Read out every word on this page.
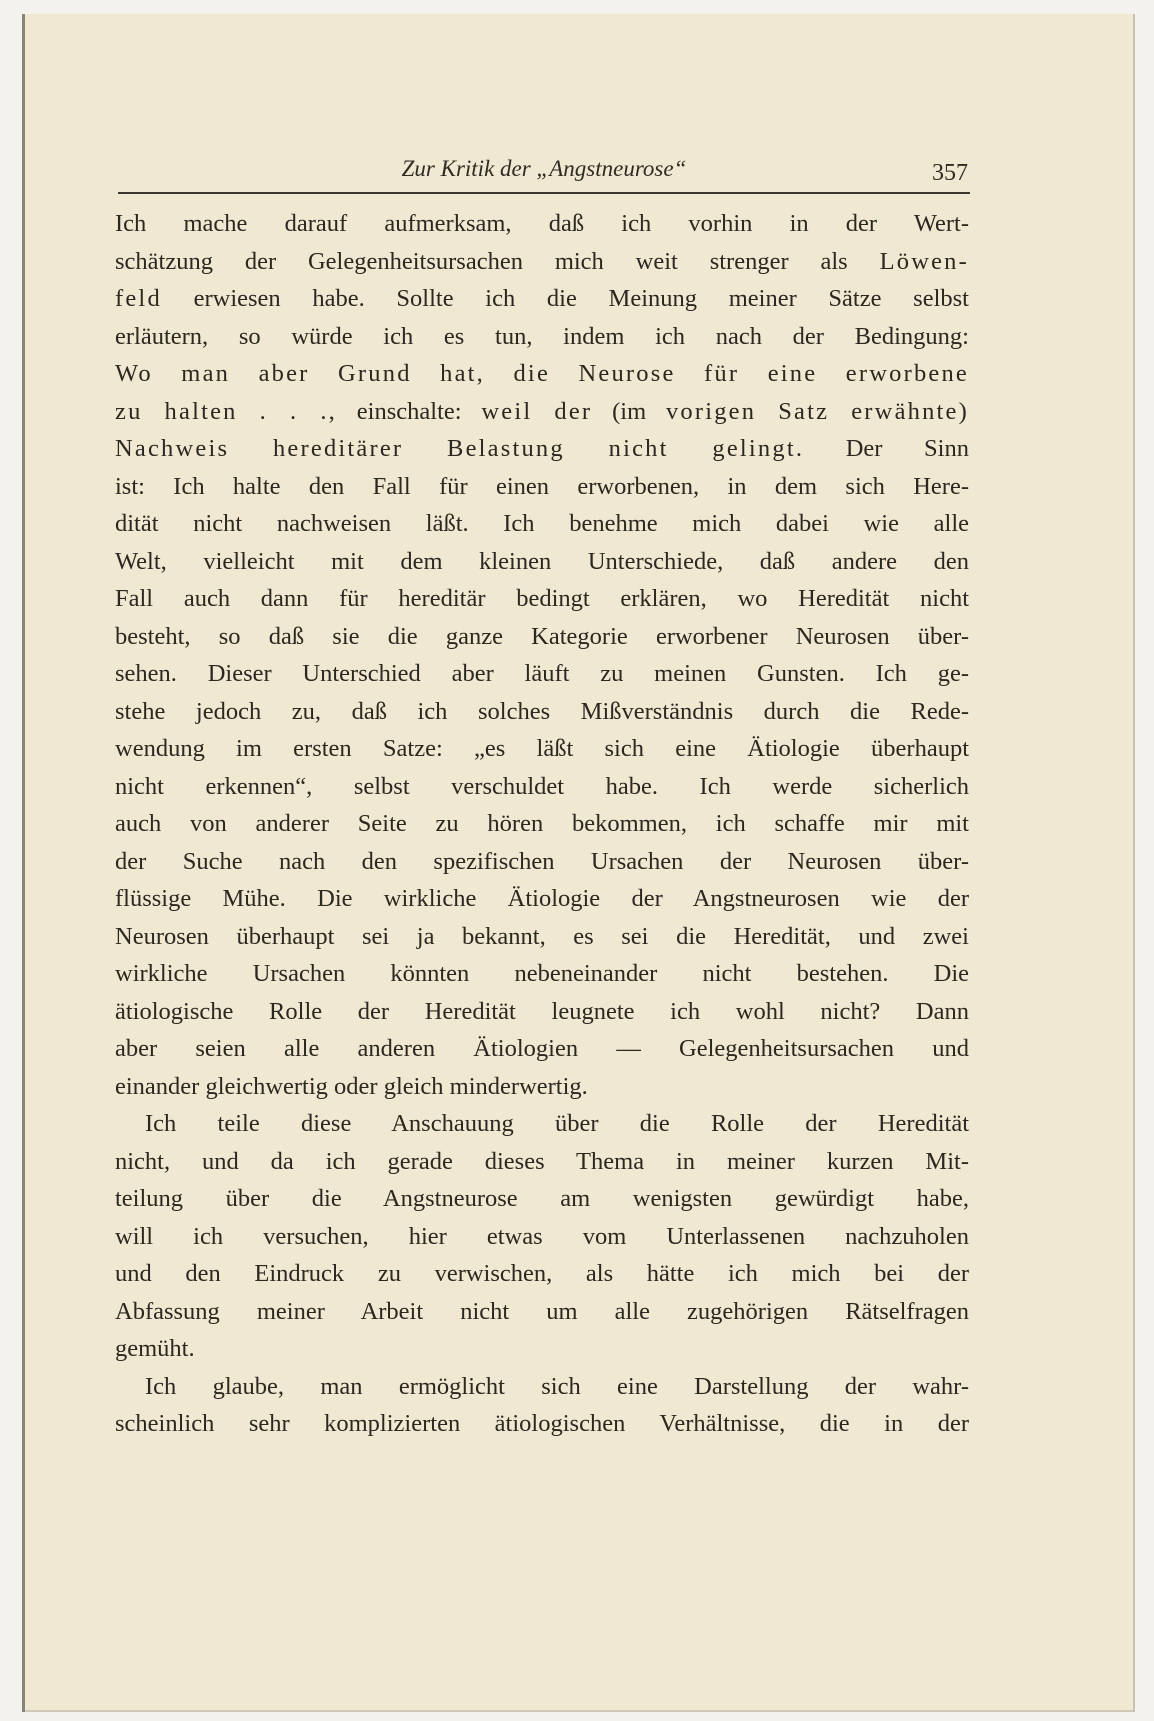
Zur Kritik der „Angstneurose“	357
Ich mache darauf aufmerksam, daß ich vorhin in der Wert-
schätzung der Gelegenheitsursachen mich weit strenger als Löwen-
feld erwiesen habe. Sollte ich die Meinung meiner Sätze selbst
erläutern, so würde ich es tun, indem ich nach der Bedingung:
Wo man aber Grund hat, die Neurose für eine erworbene
zu halten . . ., einschalte: weil der (im vorigen Satz erwähnte)
Nachweis hereditärer Belastung nicht gelingt. Der Sinn
ist: Ich halte den Fall für einen erworbenen, in dem sich Here-
dität nicht nachweisen läßt. Ich benehme mich dabei wie alle
Welt, vielleicht mit dem kleinen Unterschiede, daß andere den
Fall auch dann für hereditär bedingt erklären, wo Heredität nicht
besteht, so daß sie die ganze Kategorie erworbener Neurosen über-
sehen. Dieser Unterschied aber läuft zu meinen Gunsten. Ich ge-
stehe jedoch zu, daß ich solches Mißverständnis durch die Rede-
wendung im ersten Satze: „es läßt sich eine Ätiologie überhaupt
nicht erkennen“, selbst verschuldet habe. Ich werde sicherlich
auch von anderer Seite zu hören bekommen, ich schaffe mir mit
der Suche nach den spezifischen Ursachen der Neurosen über-
flüssige Mühe. Die wirkliche Ätiologie der Angstneurosen wie der
Neurosen überhaupt sei ja bekannt, es sei die Heredität, und zwei
wirkliche Ursachen könnten nebeneinander nicht bestehen. Die
ätiologische Rolle der Heredität leugnete ich wohl nicht? Dann
aber seien alle anderen Ätiologien — Gelegenheitsursachen und
einander gleichwertig oder gleich minderwertig.
Ich teile diese Anschauung über die Rolle der Heredität
nicht, und da ich gerade dieses Thema in meiner kurzen Mit-
teilung über die Angstneurose am wenigsten gewürdigt habe,
will ich versuchen, hier etwas vom Unterlassenen nachzuholen
und den Eindruck zu verwischen, als hätte ich mich bei der
Abfassung meiner Arbeit nicht um alle zugehörigen Rätselfragen
gemüht.
Ich glaube, man ermöglicht sich eine Darstellung der wahr-
scheinlich sehr komplizierten ätiologischen Verhältnisse, die in der
